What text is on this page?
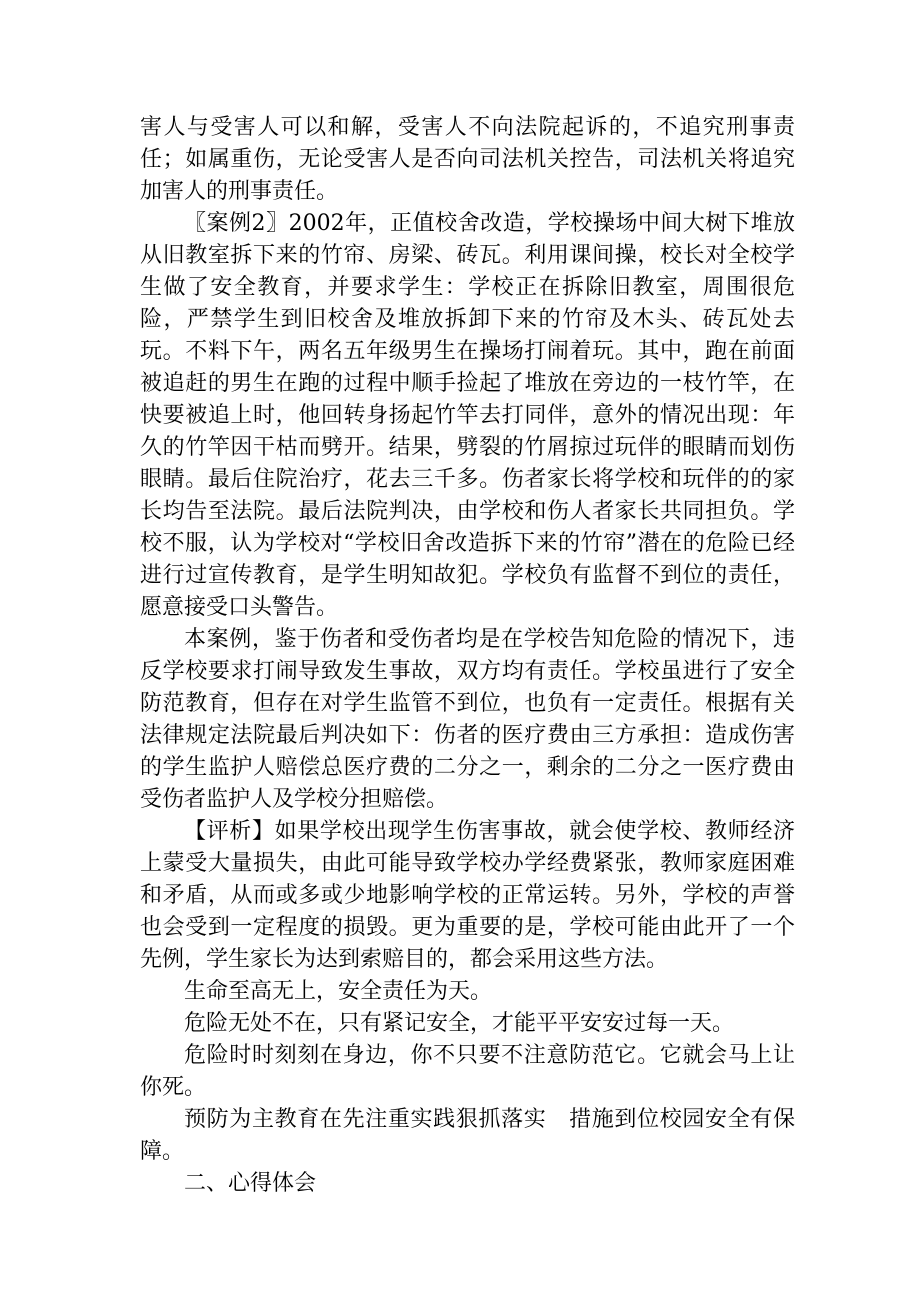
害人与受害人可以和解，受害人不向法院起诉的，不追究刑事责任；如属重伤，无论受害人是否向司法机关控告，司法机关将追究加害人的刑事责任。

〖案例2〗2002年，正值校舍改造，学校操场中间大树下堆放从旧教室拆下来的竹帘、房梁、砖瓦。利用课间操，校长对全校学生做了安全教育，并要求学生：学校正在拆除旧教室，周围很危险，严禁学生到旧校舍及堆放拆卸下来的竹帘及木头、砖瓦处去玩。不料下午，两名五年级男生在操场打闹着玩。其中，跑在前面被追赶的男生在跑的过程中顺手捡起了堆放在旁边的一枝竹竿，在快要被追上时，他回转身扬起竹竿去打同伴，意外的情况出现：年久的竹竿因干枯而劈开。结果，劈裂的竹屑掠过玩伴的眼睛而划伤眼睛。最后住院治疗，花去三千多。伤者家长将学校和玩伴的的家长均告至法院。最后法院判决，由学校和伤人者家长共同担负。学校不服，认为学校对“学校旧舍改造拆下来的竹帘”潜在的危险已经进行过宣传教育，是学生明知故犯。学校负有监督不到位的责任，愿意接受口头警告。

本案例，鉴于伤者和受伤者均是在学校告知危险的情况下，违反学校要求打闹导致发生事故，双方均有责任。学校虽进行了安全防范教育，但存在对学生监管不到位，也负有一定责任。根据有关法律规定法院最后判决如下：伤者的医疗费由三方承担：造成伤害的学生监护人赔偿总医疗费的二分之一，剩余的二分之一医疗费由受伤者监护人及学校分担赔偿。

【评析】如果学校出现学生伤害事故，就会使学校、教师经济上蒙受大量损失，由此可能导致学校办学经费紧张，教师家庭困难和矛盾，从而或多或少地影响学校的正常运转。另外，学校的声誉也会受到一定程度的损毁。更为重要的是，学校可能由此开了一个先例，学生家长为达到索赔目的，都会采用这些方法。

生命至高无上，安全责任为天。

危险无处不在，只有紧记安全，才能平平安安过每一天。

危险时时刻刻在身边，你不只要不注意防范它。它就会马上让你死。

预防为主教育在先注重实践狠抓落实　措施到位校园安全有保障。

二、心得体会
